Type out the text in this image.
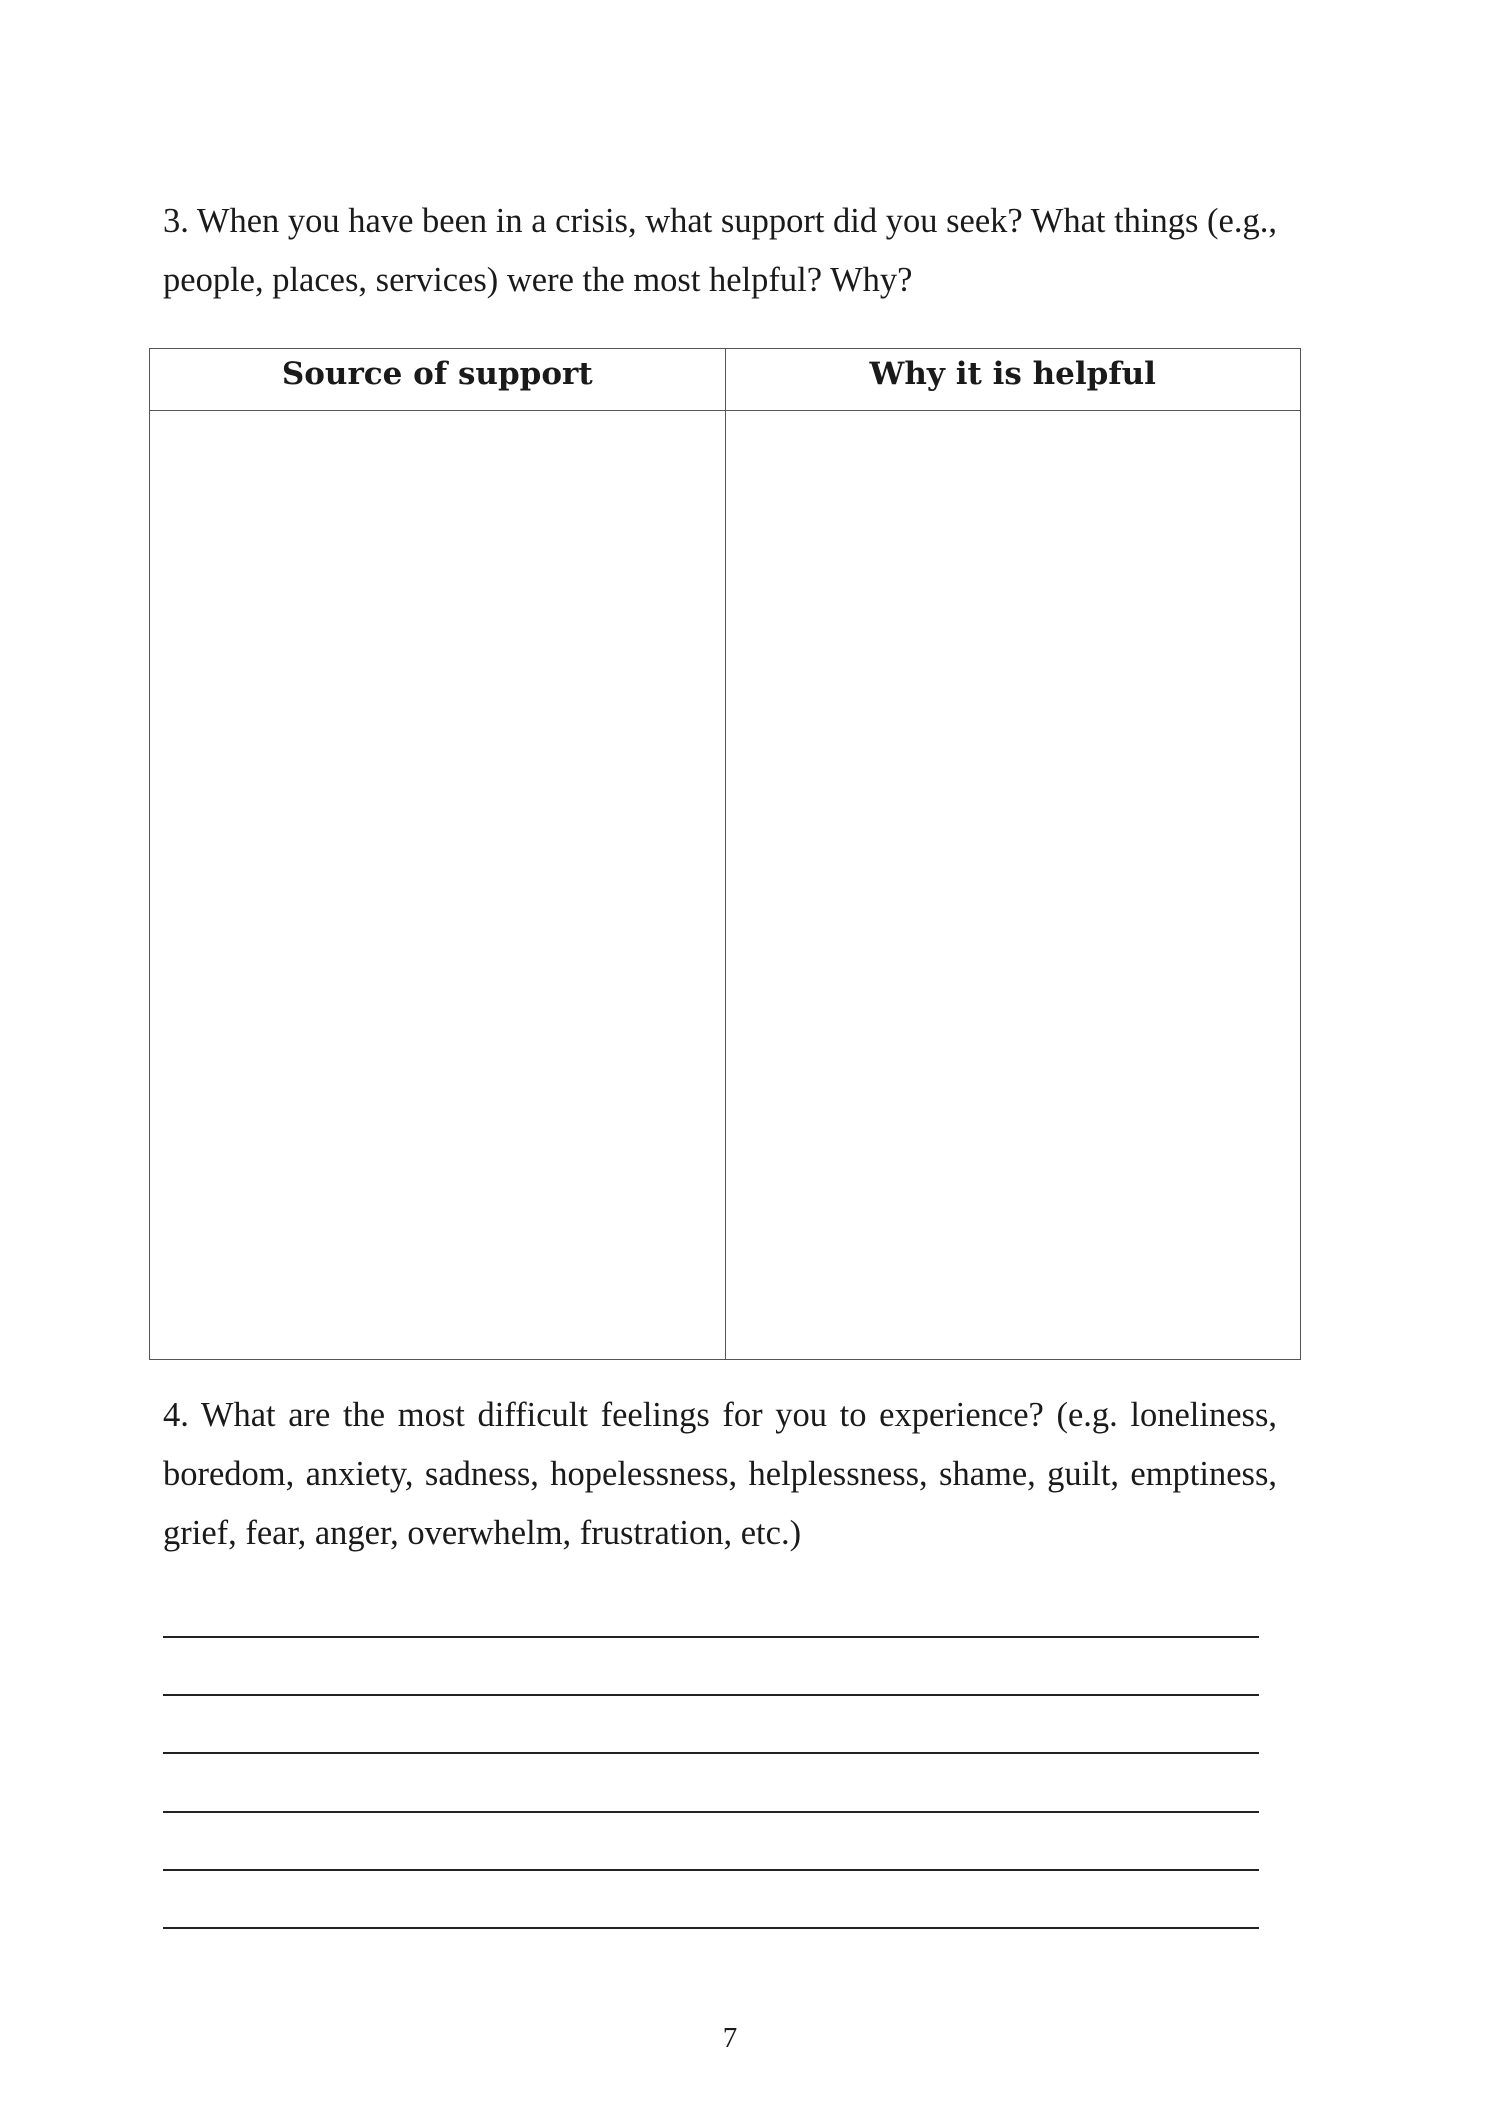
3. When you have been in a crisis, what support did you seek? What things (e.g., people, places, services) were the most helpful? Why?

Source of support	Why it is helpful

4. What are the most difficult feelings for you to experience? (e.g. loneliness, boredom, anxiety, sadness, hopelessness, helplessness, shame, guilt, emptiness, grief, fear, anger, overwhelm, frustration, etc.)

7
